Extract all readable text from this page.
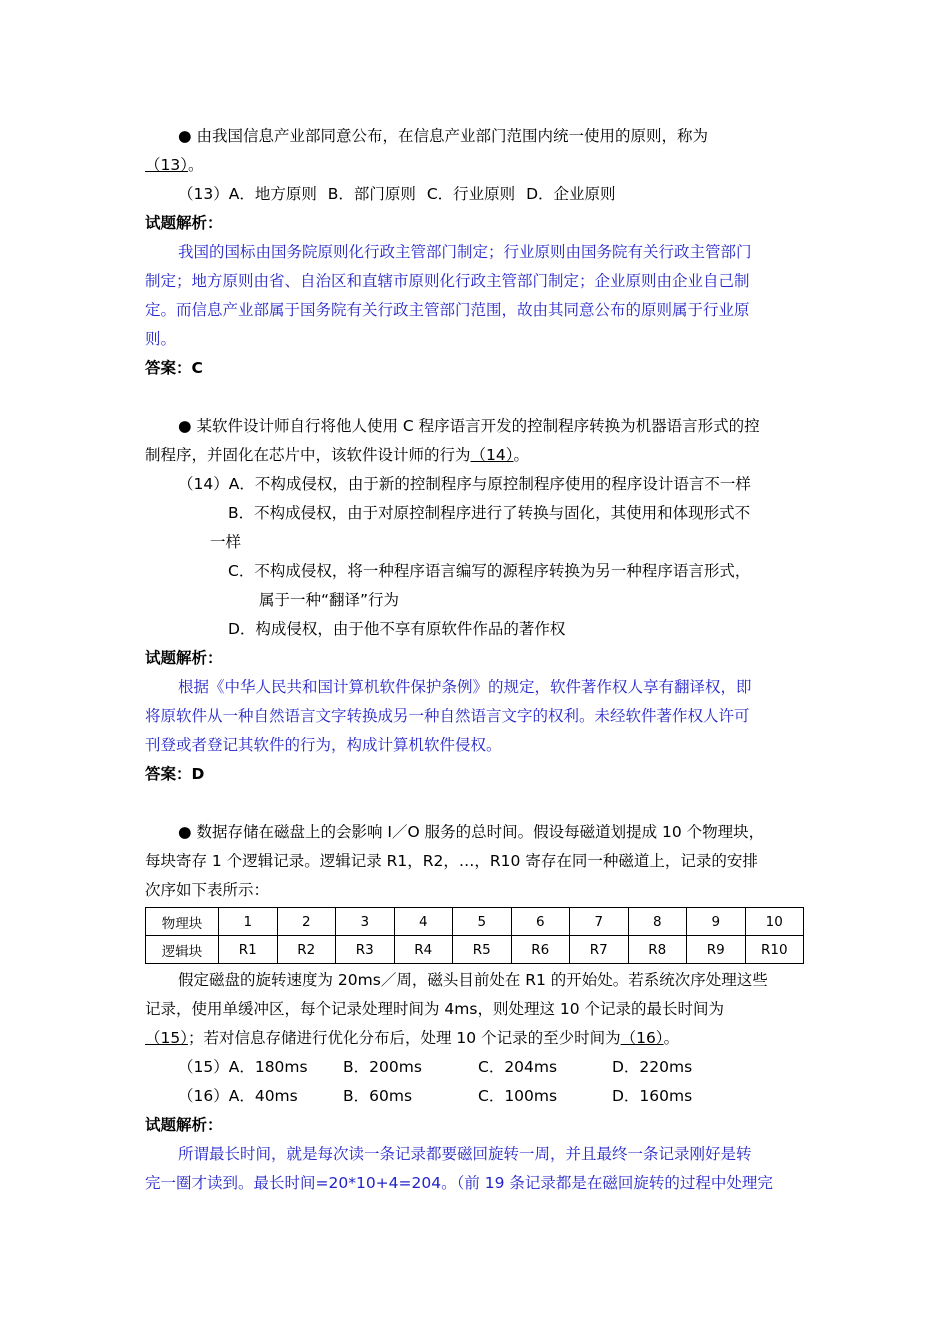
● 由我国信息产业部同意公布，在信息产业部门范围内统一使用的原则，称为
（13）。
（13）A．地方原则 B．部门原则 C．行业原则 D．企业原则
试题解析：
我国的国标由国务院原则化行政主管部门制定；行业原则由国务院有关行政主管部门
制定；地方原则由省、自治区和直辖市原则化行政主管部门制定；企业原则由企业自己制
定。而信息产业部属于国务院有关行政主管部门范围，故由其同意公布的原则属于行业原
则。
答案：C
● 某软件设计师自行将他人使用 C 程序语言开发的控制程序转换为机器语言形式的控
制程序，并固化在芯片中，该软件设计师的行为（14）。
（14）A．不构成侵权，由于新的控制程序与原控制程序使用的程序设计语言不一样
B．不构成侵权，由于对原控制程序进行了转换与固化，其使用和体现形式不
一样
C．不构成侵权，将一种程序语言编写的源程序转换为另一种程序语言形式，
属于一种“翻译”行为
D．构成侵权，由于他不享有原软件作品的著作权
试题解析：
根据《中华人民共和国计算机软件保护条例》的规定，软件著作权人享有翻译权，即
将原软件从一种自然语言文字转换成另一种自然语言文字的权利。未经软件著作权人许可
刊登或者登记其软件的行为，构成计算机软件侵权。
答案：D
● 数据存储在磁盘上的会影响 I／O 服务的总时间。假设每磁道划提成 10 个物理块，
每块寄存 1 个逻辑记录。逻辑记录 R1，R2，…，R10 寄存在同一种磁道上，记录的安排
次序如下表所示：
物理块	1	2	3	4	5	6	7	8	9	10
逻辑块	R1	R2	R3	R4	R5	R6	R7	R8	R9	R10
假定磁盘的旋转速度为 20ms／周，磁头目前处在 R1 的开始处。若系统次序处理这些
记录，使用单缓冲区，每个记录处理时间为 4ms，则处理这 10 个记录的最长时间为
（15）；若对信息存储进行优化分布后，处理 10 个记录的至少时间为（16）。
（15）A．180ms B．200ms	C．204ms	D．220ms
（16）A．40ms	B．60ms	C．100ms	D．160ms
试题解析：
所谓最长时间，就是每次读一条记录都要磁回旋转一周，并且最终一条记录刚好是转
完一圈才读到。最长时间=20*10+4=204。（前 19 条记录都是在磁回旋转的过程中处理完
